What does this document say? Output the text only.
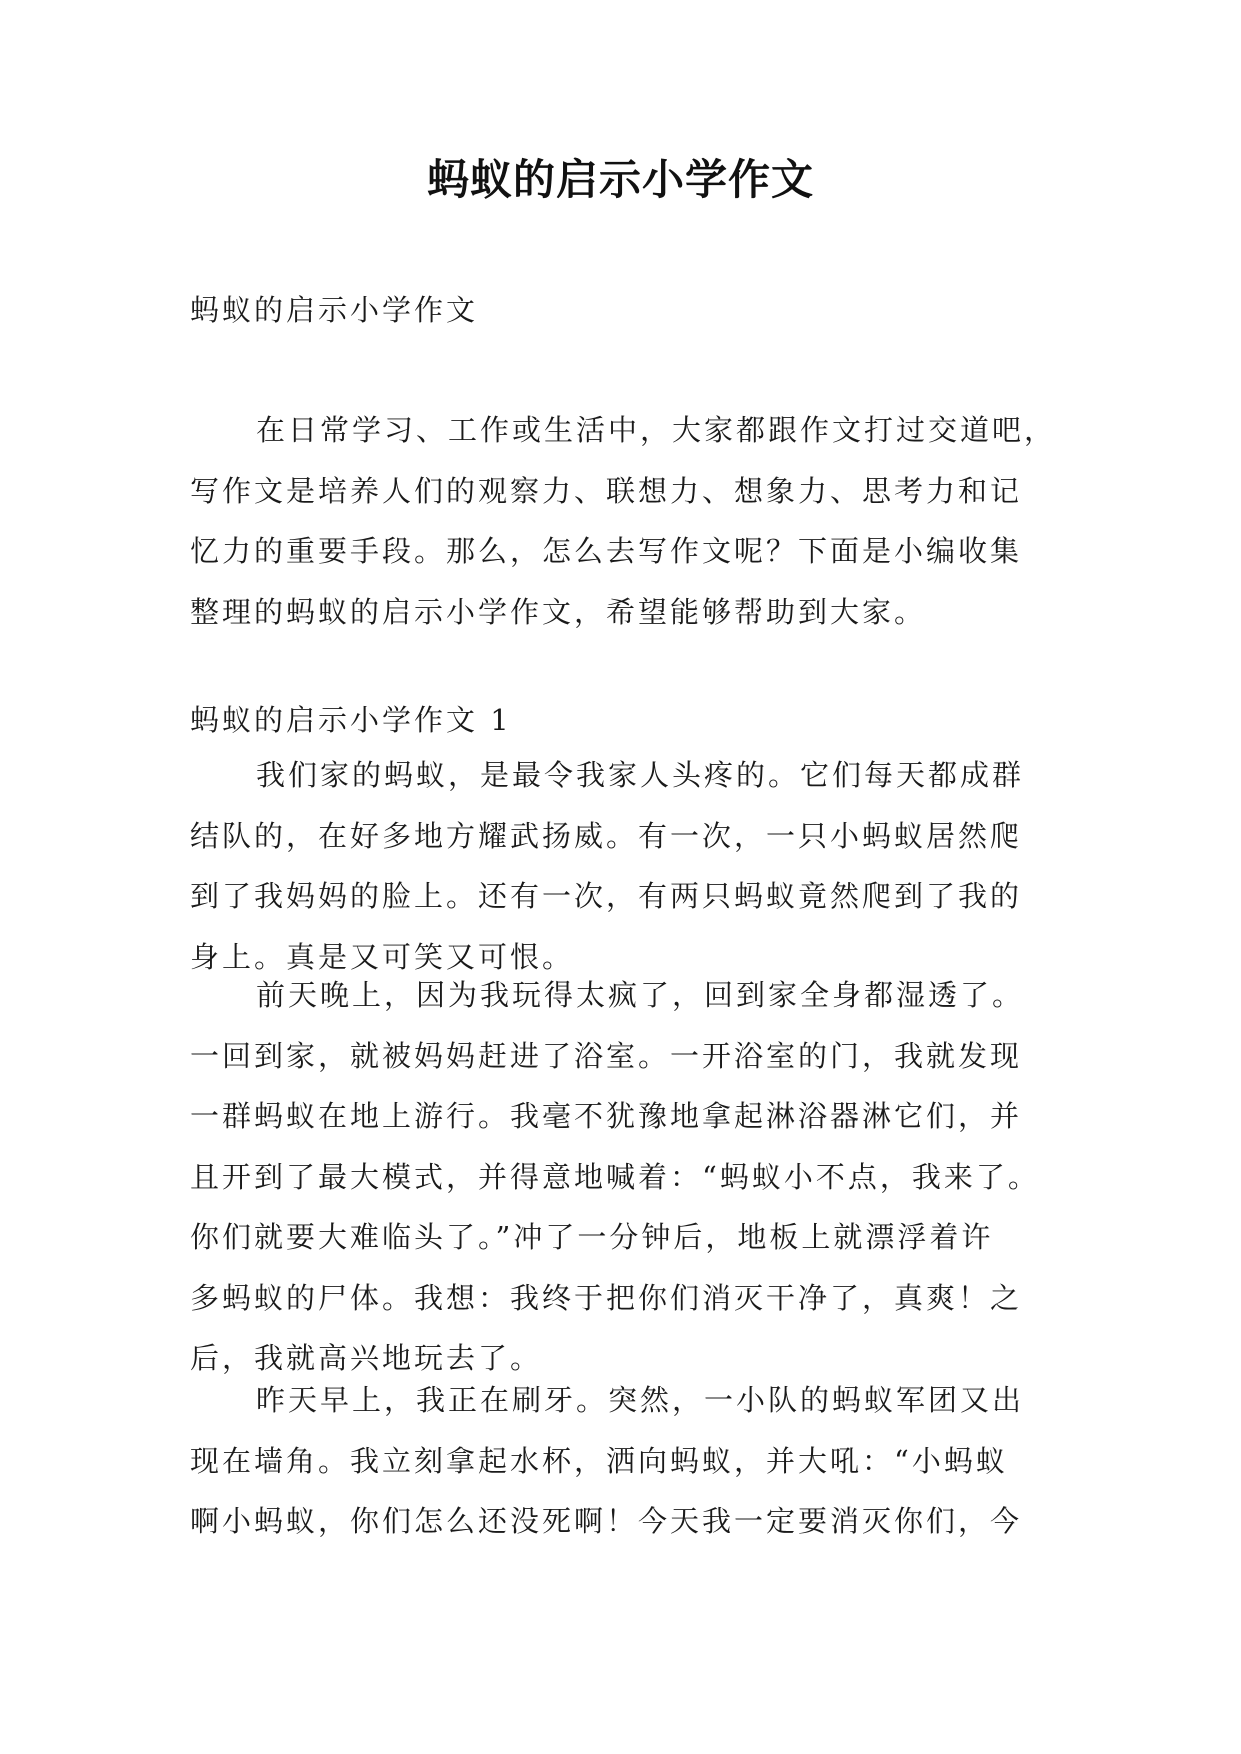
蚂蚁的启示小学作文
蚂蚁的启示小学作文

在日常学习、工作或生活中，大家都跟作文打过交道吧，

写作文是培养人们的观察力、联想力、想象力、思考力和记

忆力的重要手段。那么，怎么去写作文呢？下面是小编收集

整理的蚂蚁的启示小学作文，希望能够帮助到大家。

蚂蚁的启示小学作文 1

我们家的蚂蚁，是最令我家人头疼的。它们每天都成群

结队的，在好多地方耀武扬威。有一次，一只小蚂蚁居然爬

到了我妈妈的脸上。还有一次，有两只蚂蚁竟然爬到了我的

身上。真是又可笑又可恨。

前天晚上，因为我玩得太疯了，回到家全身都湿透了。

一回到家，就被妈妈赶进了浴室。一开浴室的门，我就发现

一群蚂蚁在地上游行。我毫不犹豫地拿起淋浴器淋它们，并

且开到了最大模式，并得意地喊着：“蚂蚁小不点，我来了。

你们就要大难临头了。”冲了一分钟后，地板上就漂浮着许

多蚂蚁的尸体。我想：我终于把你们消灭干净了，真爽！之

后，我就高兴地玩去了。

昨天早上，我正在刷牙。突然，一小队的蚂蚁军团又出

现在墙角。我立刻拿起水杯，洒向蚂蚁，并大吼：“小蚂蚁

啊小蚂蚁，你们怎么还没死啊！今天我一定要消灭你们，今
